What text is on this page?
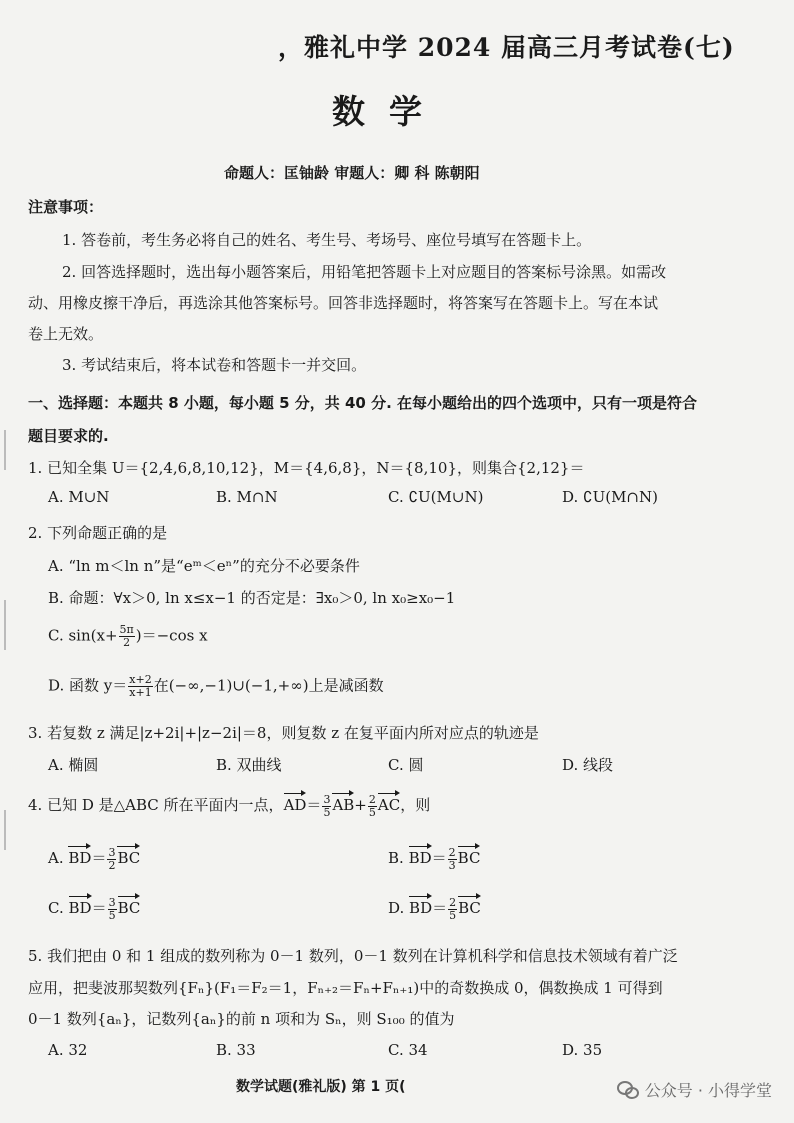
，雅礼中学 2024 届高三月考试卷(七)
数学
命题人：匡铀龄 审题人：卿 科 陈朝阳
注意事项：
1. 答卷前，考生务必将自己的姓名、考生号、考场号、座位号填写在答题卡上。
2. 回答选择题时，选出每小题答案后，用铅笔把答题卡上对应题目的答案标号涂黑。如需改
动、用橡皮擦干净后，再选涂其他答案标号。回答非选择题时，将答案写在答题卡上。写在本试
卷上无效。
3. 考试结束后，将本试卷和答题卡一并交回。
一、选择题：本题共 8 小题，每小题 5 分，共 40 分. 在每小题给出的四个选项中，只有一项是符合
题目要求的.
1. 已知全集 U＝{2,4,6,8,10,12}，M＝{4,6,8}，N＝{8,10}，则集合{2,12}＝
A. M∪N	B. M∩N	C. ∁U(M∪N)	D. ∁U(M∩N)
2. 下列命题正确的是
A. “ln m＜ln n”是“eᵐ＜eⁿ”的充分不必要条件
B. 命题：∀x＞0, ln x≤x−1 的否定是：∃x₀＞0, ln x₀≥x₀−1
C. $\sin(x+ \frac{5\pi}{2} )=-\cos$ x
D. 函数 $y= \frac{x+2}{x+1}$ 在(−∞,−1)∪(−1,+∞)上是减函数
3. 若复数 z 满足|z+2i|+|z−2i|＝8，则复数 z 在复平面内所对应点的轨迹是
A. 椭圆	B. 双曲线	C. 圆	D. 线段
4. 已知 D 是△ABC 所在平面内一点，$AD= \frac{3}{5} AB+ \frac{2}{5}$ AC，则
A. $BD= \frac{3}{2}$ BC	B. $BD= \frac{2}{3}$ BC
C. $BD= \frac{3}{5}$ BC	D. $BD= \frac{2}{5}$ BC
5. 我们把由 0 和 1 组成的数列称为 0－1 数列，0－1 数列在计算机科学和信息技术领域有着广泛
应用，把斐波那契数列{Fₙ}(F₁＝F₂＝1，Fₙ₊₂＝Fₙ+Fₙ₊₁)中的奇数换成 0，偶数换成 1 可得到
0－1 数列{aₙ}，记数列{aₙ}的前 n 项和为 Sₙ，则 S₁₀₀ 的值为
A. 32	B. 33	C. 34	D. 35
数学试题(雅礼版) 第 1 页(	公众号 · 小得学堂
